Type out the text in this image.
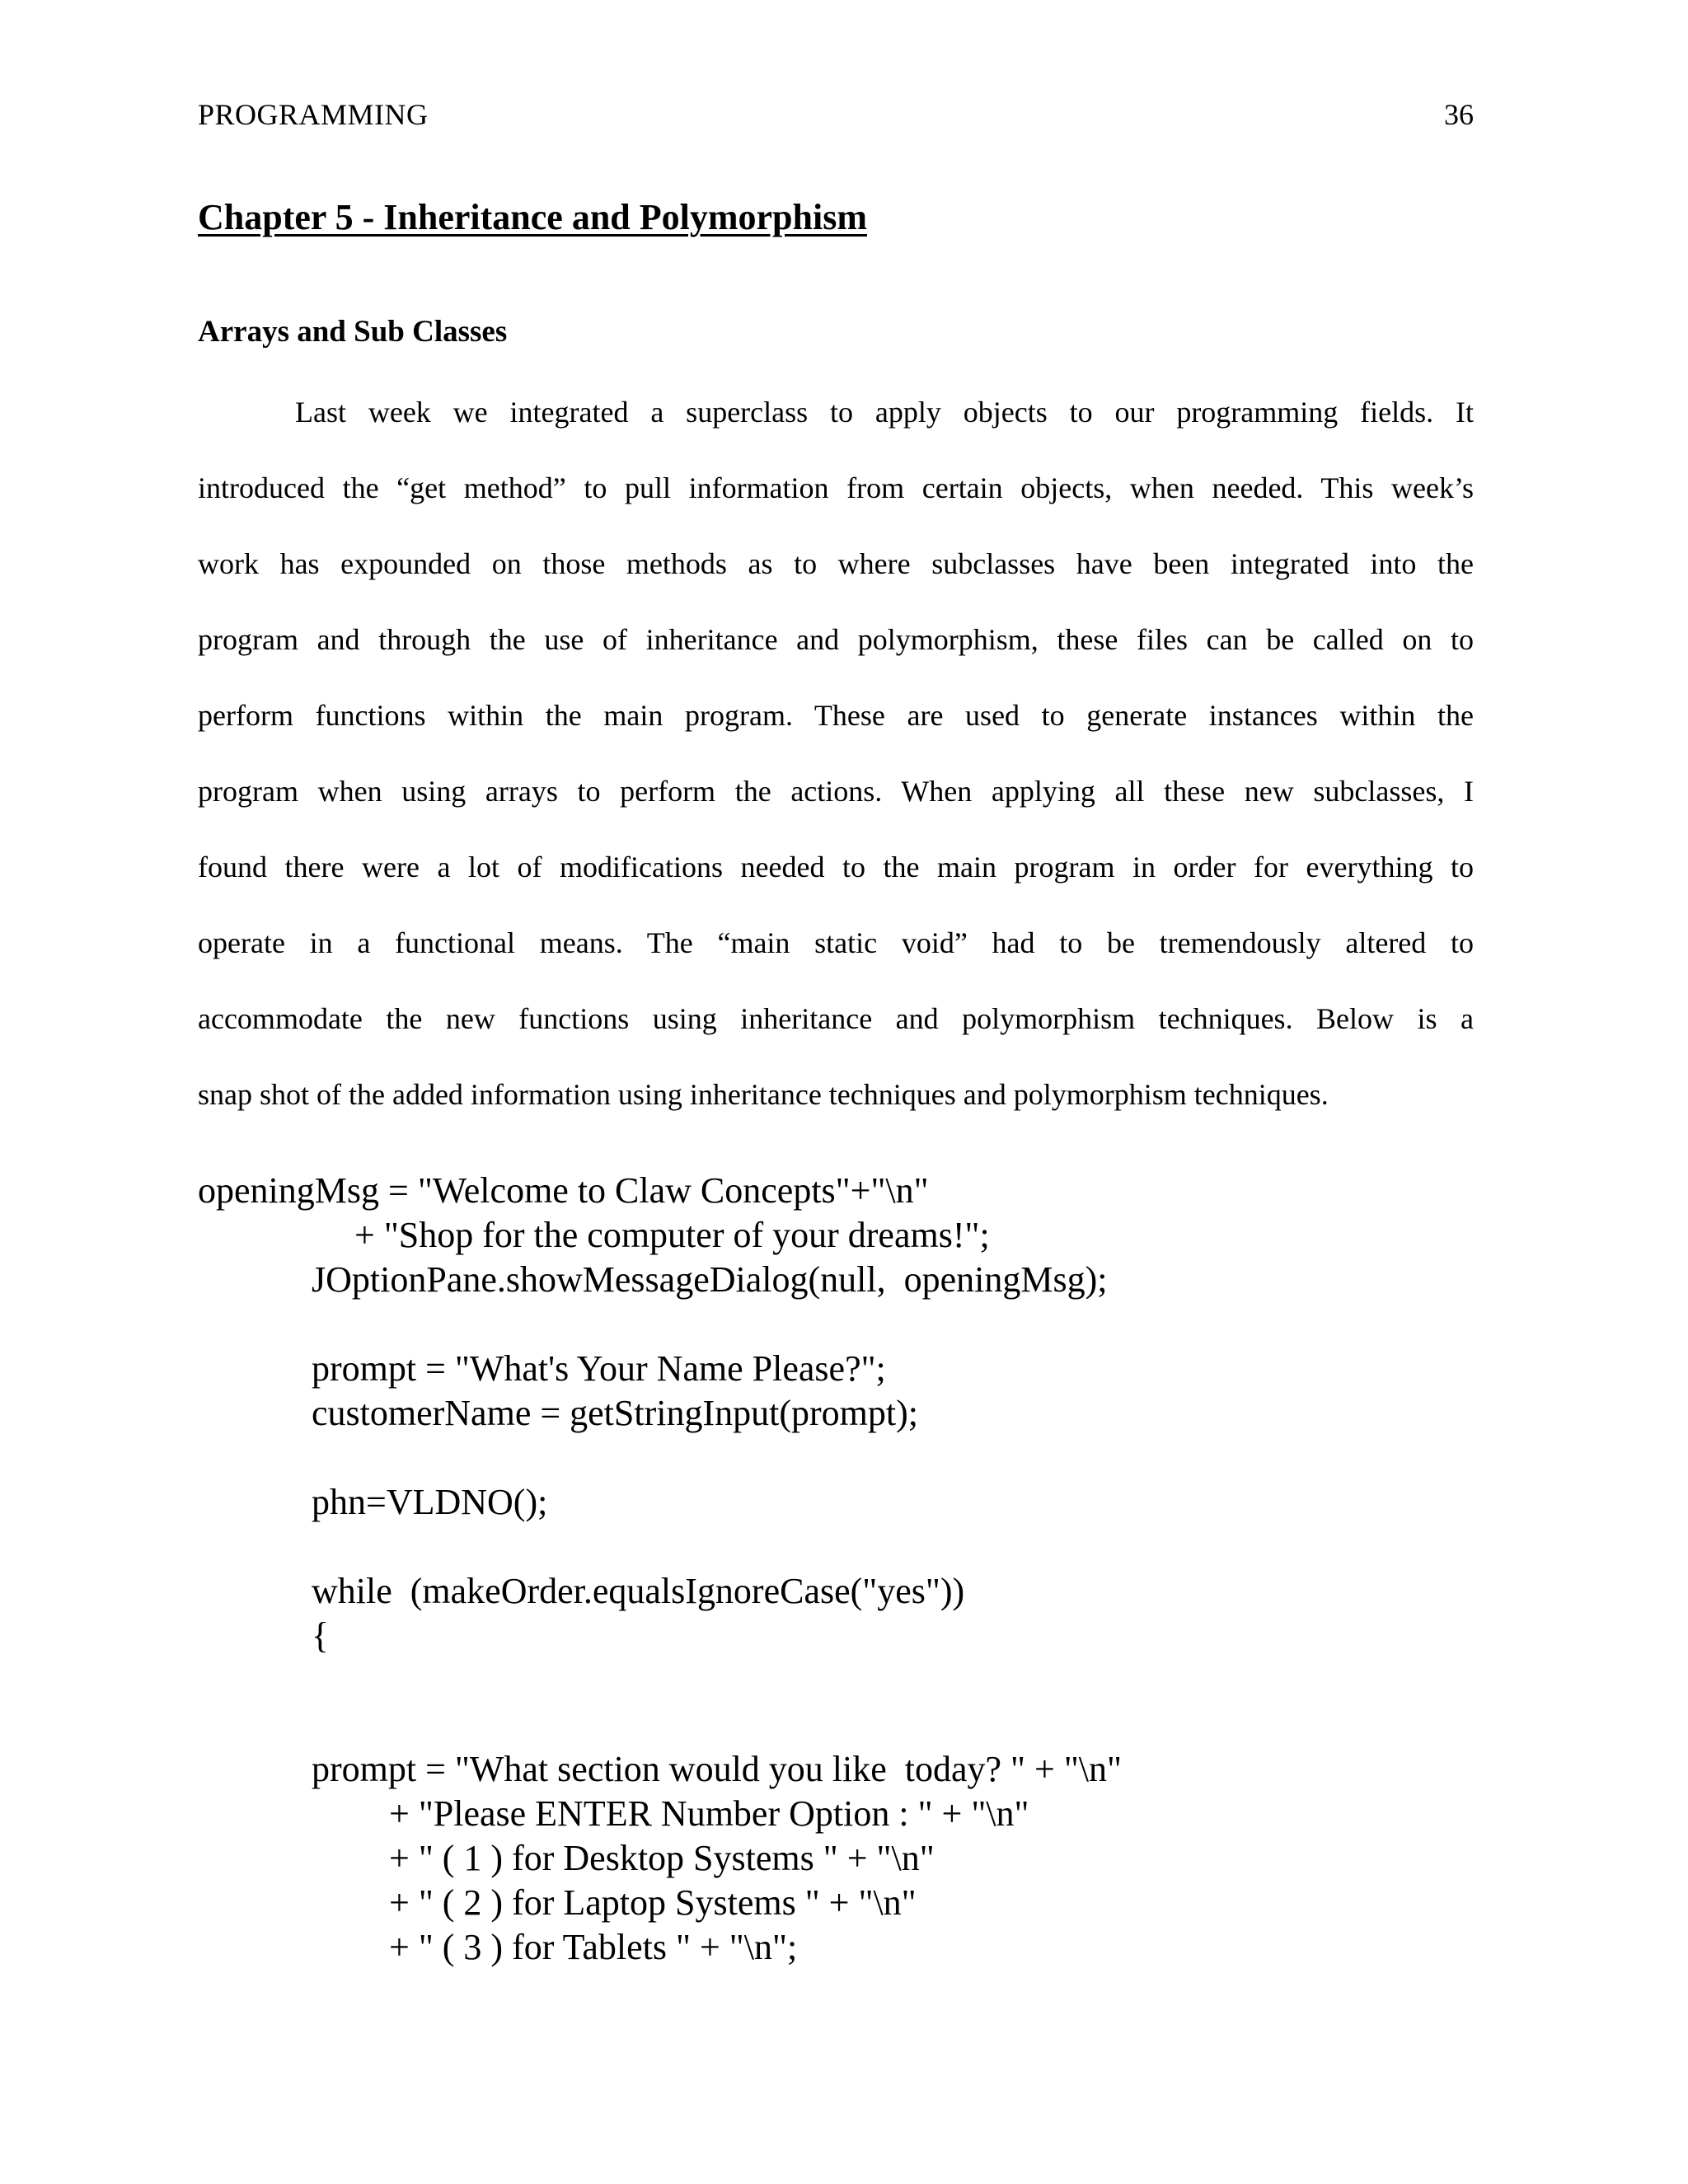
PROGRAMMING	36
Chapter 5 - Inheritance and Polymorphism
Arrays and Sub Classes
Last week we integrated a superclass to apply objects to our programming fields. It
introduced the “get method” to pull information from certain objects, when needed. This week’s
work has expounded on those methods as to where subclasses have been integrated into the
program and through the use of inheritance and polymorphism, these files can be called on to
perform functions within the main program. These are used to generate instances within the
program when using arrays to perform the actions. When applying all these new subclasses, I
found there were a lot of modifications needed to the main program in order for everything to
operate in a functional means. The “main static void” had to be tremendously altered to
accommodate the new functions using inheritance and polymorphism techniques. Below is a
snap shot of the added information using inheritance techniques and polymorphism techniques.
openingMsg = "Welcome to Claw Concepts"+"\n"
+ "Shop for the computer of your dreams!";
JOptionPane.showMessageDialog(null,  openingMsg);
prompt = "What's Your Name Please?";
customerName = getStringInput(prompt);
phn=VLDNO();
while  (makeOrder.equalsIgnoreCase("yes"))
{
prompt = "What section would you like  today? " + "\n"
+ "Please ENTER Number Option : " + "\n"
+ " ( 1 ) for Desktop Systems " + "\n"
+ " ( 2 ) for Laptop Systems " + "\n"
+ " ( 3 ) for Tablets " + "\n";
